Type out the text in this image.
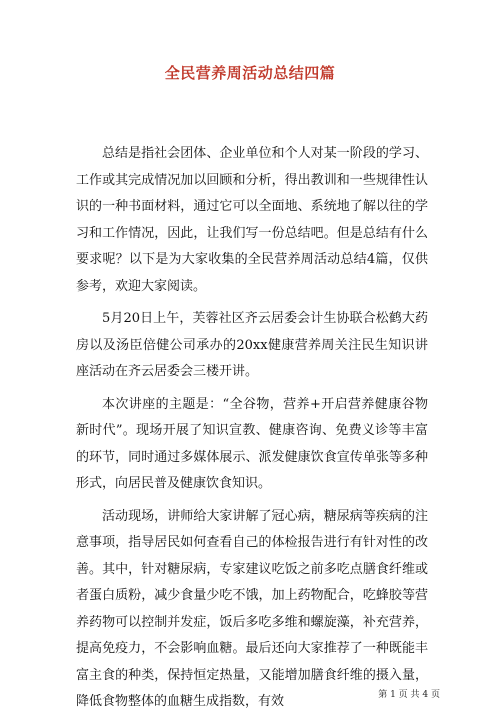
全民营养周活动总结四篇

总结是指社会团体、企业单位和个人对某一阶段的学习、工作或其完成情况加以回顾和分析，得出教训和一些规律性认识的一种书面材料，通过它可以全面地、系统地了解以往的学习和工作情况，因此，让我们写一份总结吧。但是总结有什么要求呢？以下是为大家收集的全民营养周活动总结4篇，仅供参考，欢迎大家阅读。

5月20日上午，芙蓉社区齐云居委会计生协联合松鹤大药房以及汤臣倍健公司承办的20xx健康营养周关注民生知识讲座活动在齐云居委会三楼开讲。

本次讲座的主题是：“全谷物，营养+开启营养健康谷物新时代”。现场开展了知识宣教、健康咨询、免费义诊等丰富的环节，同时通过多媒体展示、派发健康饮食宣传单张等多种形式，向居民普及健康饮食知识。

活动现场，讲师给大家讲解了冠心病，糖尿病等疾病的注意事项，指导居民如何查看自己的体检报告进行有针对性的改善。其中，针对糖尿病，专家建议吃饭之前多吃点膳食纤维或者蛋白质粉，减少食量少吃不饿，加上药物配合，吃蜂胶等营养药物可以控制并发症，饭后多吃多维和螺旋藻，补充营养，提高免疫力，不会影响血糖。最后还向大家推荐了一种既能丰富主食的种类，保持恒定热量，又能增加膳食纤维的摄入量，降低食物整体的血糖生成指数，有效	第 1 页 共 4 页
